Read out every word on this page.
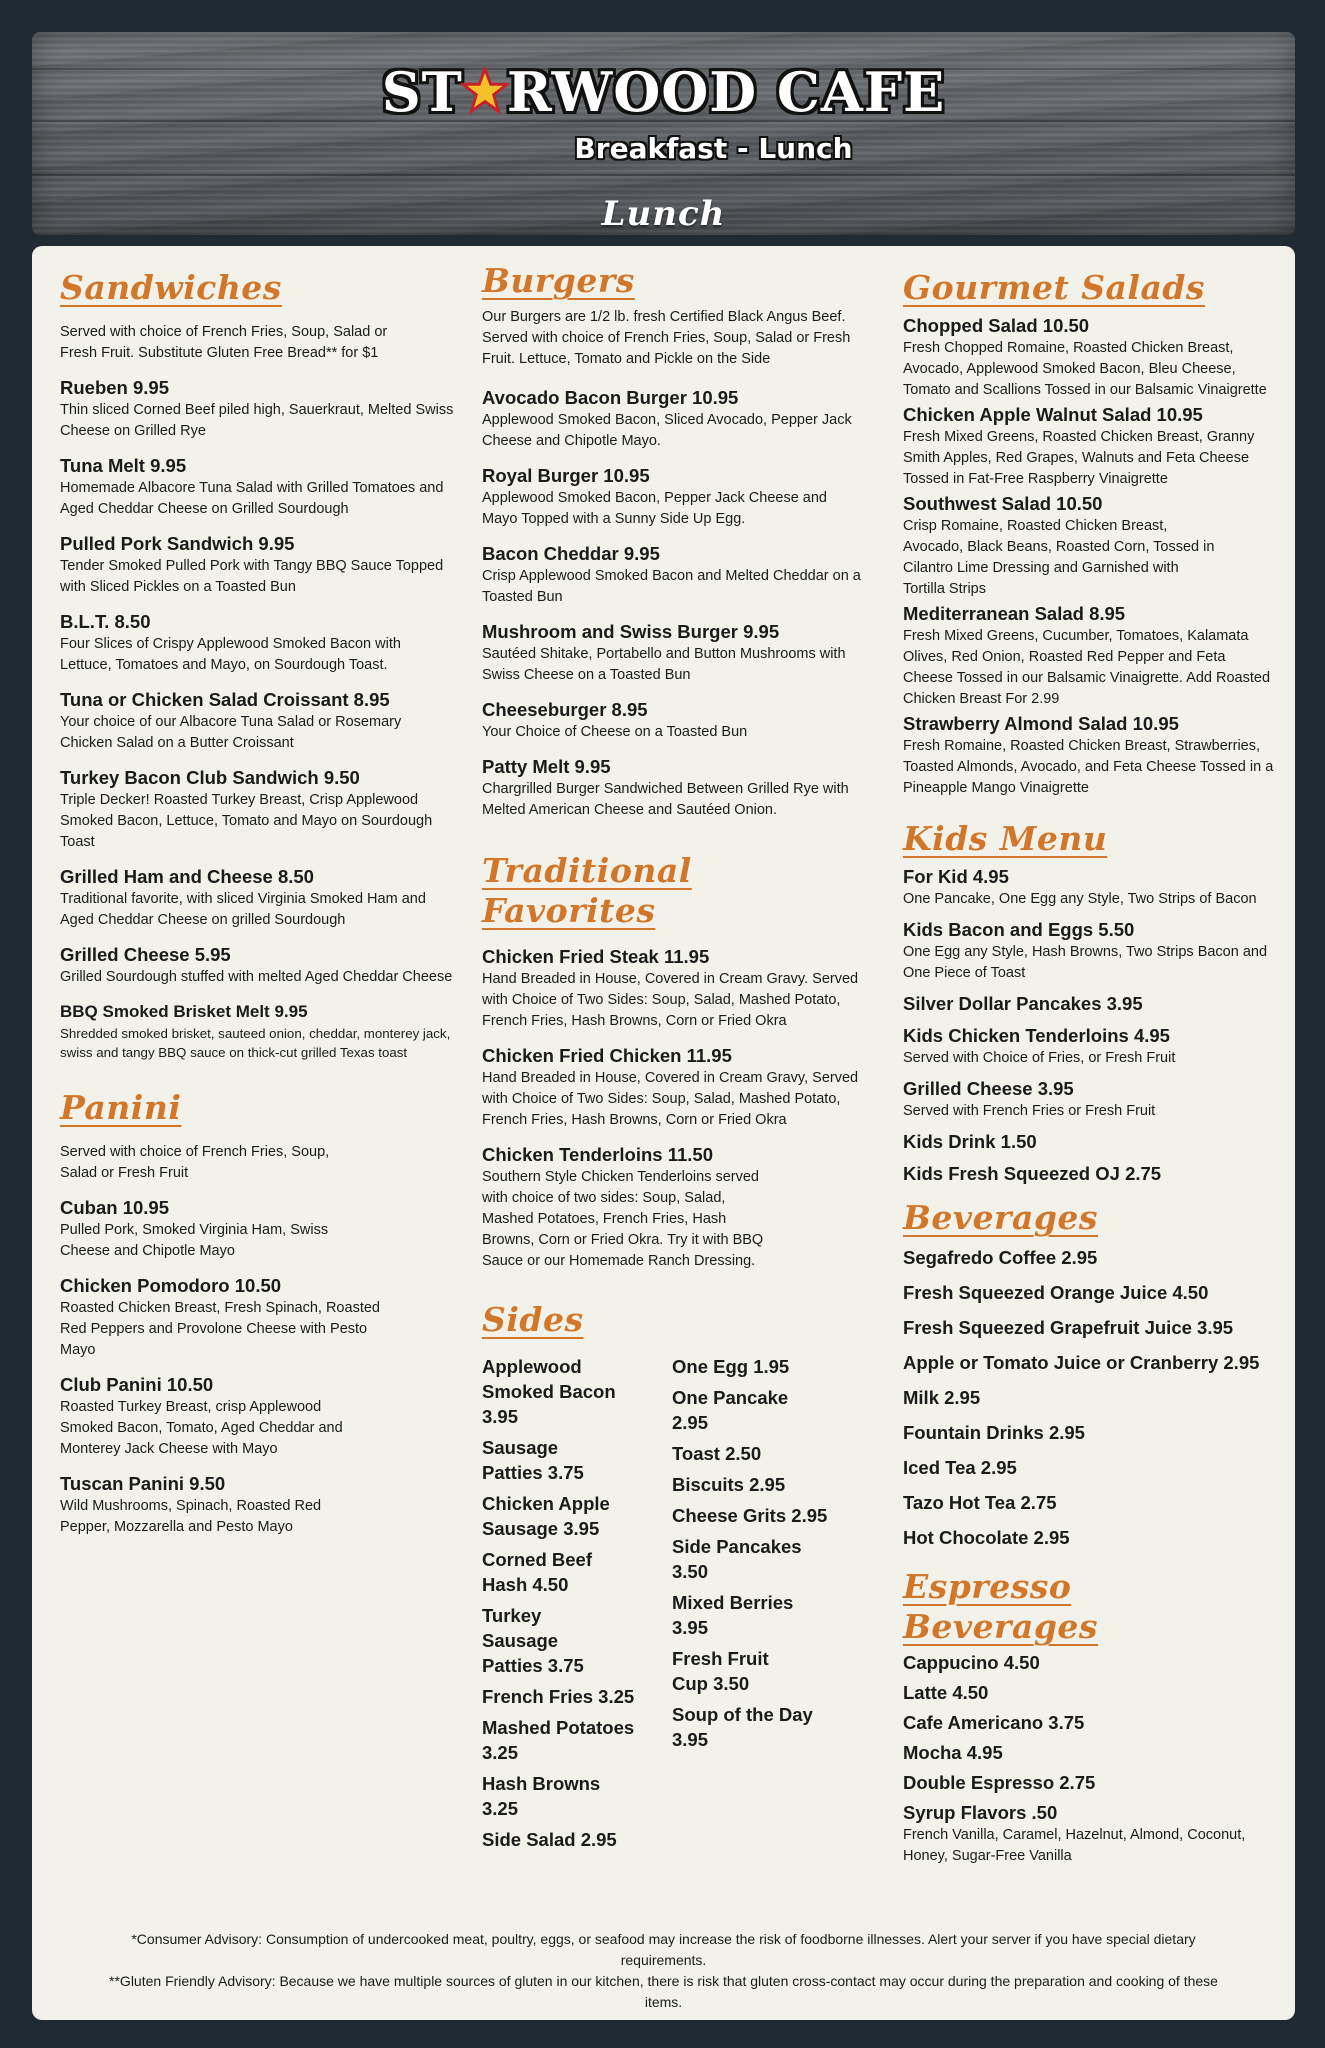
ST RWOOD CAFE
Breakfast - Lunch
Lunch
Sandwiches
Served with choice of French Fries, Soup, Salad or Fresh Fruit. Substitute Gluten Free Bread** for $1
Rueben 9.95
Thin sliced Corned Beef piled high, Sauerkraut, Melted Swiss Cheese on Grilled Rye
Tuna Melt 9.95
Homemade Albacore Tuna Salad with Grilled Tomatoes and Aged Cheddar Cheese on Grilled Sourdough
Pulled Pork Sandwich 9.95
Tender Smoked Pulled Pork with Tangy BBQ Sauce Topped with Sliced Pickles on a Toasted Bun
B.L.T. 8.50
Four Slices of Crispy Applewood Smoked Bacon with Lettuce, Tomatoes and Mayo, on Sourdough Toast.
Tuna or Chicken Salad Croissant 8.95
Your choice of our Albacore Tuna Salad or Rosemary Chicken Salad on a Butter Croissant
Turkey Bacon Club Sandwich 9.50
Triple Decker! Roasted Turkey Breast, Crisp Applewood Smoked Bacon, Lettuce, Tomato and Mayo on Sourdough Toast
Grilled Ham and Cheese 8.50
Traditional favorite, with sliced Virginia Smoked Ham and Aged Cheddar Cheese on grilled Sourdough
Grilled Cheese 5.95
Grilled Sourdough stuffed with melted Aged Cheddar Cheese
BBQ Smoked Brisket Melt 9.95
Shredded smoked brisket, sauteed onion, cheddar, monterey jack, swiss and tangy BBQ sauce on thick-cut grilled Texas toast
Panini
Served with choice of French Fries, Soup, Salad or Fresh Fruit
Cuban 10.95
Pulled Pork, Smoked Virginia Ham, Swiss Cheese and Chipotle Mayo
Chicken Pomodoro 10.50
Roasted Chicken Breast, Fresh Spinach, Roasted Red Peppers and Provolone Cheese with Pesto Mayo
Club Panini 10.50
Roasted Turkey Breast, crisp Applewood Smoked Bacon, Tomato, Aged Cheddar and Monterey Jack Cheese with Mayo
Tuscan Panini 9.50
Wild Mushrooms, Spinach, Roasted Red Pepper, Mozzarella and Pesto Mayo
Burgers
Our Burgers are 1/2 lb. fresh Certified Black Angus Beef. Served with choice of French Fries, Soup, Salad or Fresh Fruit. Lettuce, Tomato and Pickle on the Side
Avocado Bacon Burger 10.95
Applewood Smoked Bacon, Sliced Avocado, Pepper Jack Cheese and Chipotle Mayo.
Royal Burger 10.95
Applewood Smoked Bacon, Pepper Jack Cheese and Mayo Topped with a Sunny Side Up Egg.
Bacon Cheddar 9.95
Crisp Applewood Smoked Bacon and Melted Cheddar on a Toasted Bun
Mushroom and Swiss Burger 9.95
Sautéed Shitake, Portabello and Button Mushrooms with Swiss Cheese on a Toasted Bun
Cheeseburger 8.95
Your Choice of Cheese on a Toasted Bun
Patty Melt 9.95
Chargrilled Burger Sandwiched Between Grilled Rye with Melted American Cheese and Sautéed Onion.
Traditional Favorites
Chicken Fried Steak 11.95
Hand Breaded in House, Covered in Cream Gravy. Served with Choice of Two Sides: Soup, Salad, Mashed Potato, French Fries, Hash Browns, Corn or Fried Okra
Chicken Fried Chicken 11.95
Hand Breaded in House, Covered in Cream Gravy, Served with Choice of Two Sides: Soup, Salad, Mashed Potato, French Fries, Hash Browns, Corn or Fried Okra
Chicken Tenderloins 11.50
Southern Style Chicken Tenderloins served with choice of two sides: Soup, Salad, Mashed Potatoes, French Fries, Hash Browns, Corn or Fried Okra. Try it with BBQ Sauce or our Homemade Ranch Dressing.
Sides
Applewood Smoked Bacon 3.95
Sausage Patties 3.75
Chicken Apple Sausage 3.95
Corned Beef Hash 4.50
Turkey Sausage Patties 3.75
French Fries 3.25
Mashed Potatoes 3.25
Hash Browns 3.25
Side Salad 2.95
One Egg 1.95
One Pancake 2.95
Toast 2.50
Biscuits 2.95
Cheese Grits 2.95
Side Pancakes 3.50
Mixed Berries 3.95
Fresh Fruit Cup 3.50
Soup of the Day 3.95
Gourmet Salads
Chopped Salad 10.50
Fresh Chopped Romaine, Roasted Chicken Breast, Avocado, Applewood Smoked Bacon, Bleu Cheese, Tomato and Scallions Tossed in our Balsamic Vinaigrette
Chicken Apple Walnut Salad 10.95
Fresh Mixed Greens, Roasted Chicken Breast, Granny Smith Apples, Red Grapes, Walnuts and Feta Cheese Tossed in Fat-Free Raspberry Vinaigrette
Southwest Salad 10.50
Crisp Romaine, Roasted Chicken Breast, Avocado, Black Beans, Roasted Corn, Tossed in Cilantro Lime Dressing and Garnished with Tortilla Strips
Mediterranean Salad 8.95
Fresh Mixed Greens, Cucumber, Tomatoes, Kalamata Olives, Red Onion, Roasted Red Pepper and Feta Cheese Tossed in our Balsamic Vinaigrette. Add Roasted Chicken Breast For 2.99
Strawberry Almond Salad 10.95
Fresh Romaine, Roasted Chicken Breast, Strawberries, Toasted Almonds, Avocado, and Feta Cheese Tossed in a Pineapple Mango Vinaigrette
Kids Menu
For Kid 4.95
One Pancake, One Egg any Style, Two Strips of Bacon
Kids Bacon and Eggs 5.50
One Egg any Style, Hash Browns, Two Strips Bacon and One Piece of Toast
Silver Dollar Pancakes 3.95
Kids Chicken Tenderloins 4.95
Served with Choice of Fries, or Fresh Fruit
Grilled Cheese 3.95
Served with French Fries or Fresh Fruit
Kids Drink 1.50
Kids Fresh Squeezed OJ 2.75
Beverages
Segafredo Coffee 2.95
Fresh Squeezed Orange Juice 4.50
Fresh Squeezed Grapefruit Juice 3.95
Apple or Tomato Juice or Cranberry 2.95
Milk 2.95
Fountain Drinks 2.95
Iced Tea 2.95
Tazo Hot Tea 2.75
Hot Chocolate 2.95
Espresso Beverages
Cappucino 4.50
Latte 4.50
Cafe Americano 3.75
Mocha 4.95
Double Espresso 2.75
Syrup Flavors .50
French Vanilla, Caramel, Hazelnut, Almond, Coconut, Honey, Sugar-Free Vanilla
*Consumer Advisory: Consumption of undercooked meat, poultry, eggs, or seafood may increase the risk of foodborne illnesses. Alert your server if you have special dietary requirements.
**Gluten Friendly Advisory: Because we have multiple sources of gluten in our kitchen, there is risk that gluten cross-contact may occur during the preparation and cooking of these items.
